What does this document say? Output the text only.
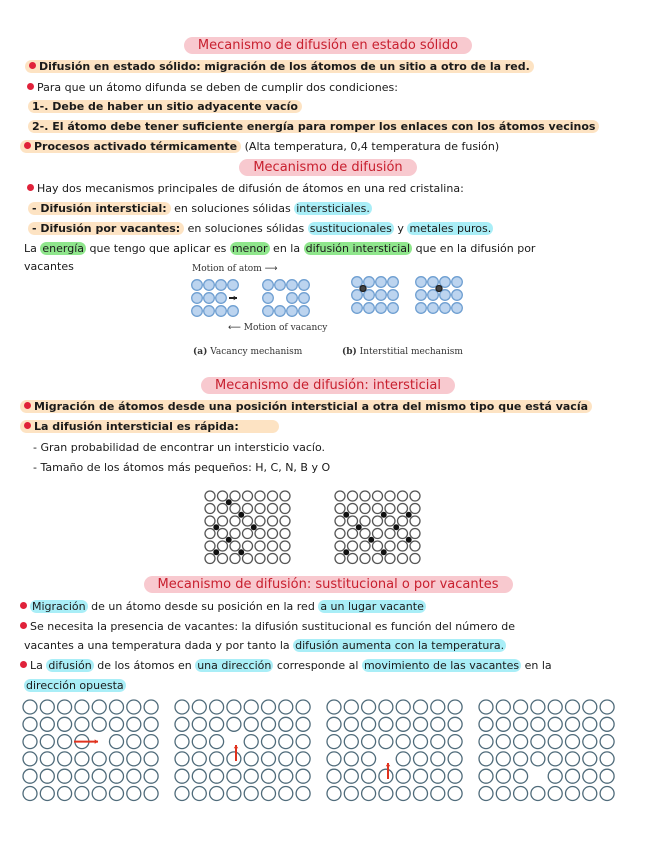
Mecanismo de difusión en estado sólido
Difusión en estado sólido: migración de los átomos de un sitio a otro de la red.
Para que un átomo difunda se deben de cumplir dos condiciones:
1-. Debe de haber un sitio adyacente vacío
2-. El átomo debe tener suficiente energía para romper los enlaces con los átomos vecinos
Procesos activado térmicamente (Alta temperatura, 0,4 temperatura de fusión)
Mecanismo de difusión
Hay dos mecanismos principales de difusión de átomos en una red cristalina:
- Difusión intersticial: en soluciones sólidas intersticiales.
- Difusión por vacantes: en soluciones sólidas sustitucionales y metales puros.
La energía que tengo que aplicar es menor en la difusión intersticial que en la difusión por
vacantes	Motion of atom ⟶
⟵ Motion of vacancy
(a) Vacancy mechanism	(b) Interstitial mechanism
Mecanismo de difusión: intersticial
Migración de átomos desde una posición intersticial a otra del mismo tipo que está vacía
La difusión intersticial es rápida:
- Gran probabilidad de encontrar un intersticio vacío.
- Tamaño de los átomos más pequeños: H, C, N, B y O
Mecanismo de difusión: sustitucional o por vacantes
Migración de un átomo desde su posición en la red a un lugar vacante
Se necesita la presencia de vacantes: la difusión sustitucional es función del número de
vacantes a una temperatura dada y por tanto la difusión aumenta con la temperatura.
La difusión de los átomos en una dirección corresponde al movimiento de las vacantes en la
dirección opuesta
